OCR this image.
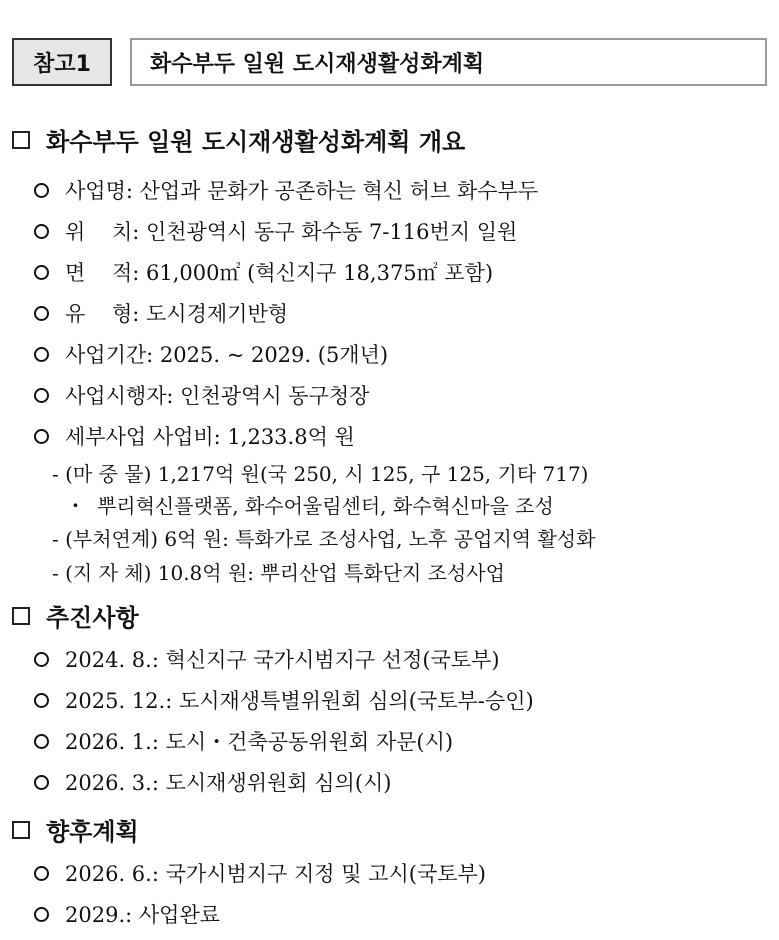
참고1	화수부두 일원 도시재생활성화계획
화수부두 일원 도시재생활성화계획 개요
사업명: 산업과 문화가 공존하는 혁신 허브 화수부두
위    치: 인천광역시 동구 화수동 7-116번지 일원
면    적: 61,000㎡ (혁신지구 18,375㎡ 포함)
유    형: 도시경제기반형
사업기간: 2025. ~ 2029. (5개년)
사업시행자: 인천광역시 동구청장
세부사업 사업비: 1,233.8억 원
- (마 중 물) 1,217억 원(국 250, 시 125, 구 125, 기타 717)
· 뿌리혁신플랫폼, 화수어울림센터, 화수혁신마을 조성
- (부처연계) 6억 원: 특화가로 조성사업, 노후 공업지역 활성화
- (지 자 체) 10.8억 원: 뿌리산업 특화단지 조성사업
추진사항
2024. 8.: 혁신지구 국가시범지구 선정(국토부)
2025. 12.: 도시재생특별위원회 심의(국토부-승인)
2026. 1.: 도시・건축공동위원회 자문(시)
2026. 3.: 도시재생위원회 심의(시)
향후계획
2026. 6.: 국가시범지구 지정 및 고시(국토부)
2029.: 사업완료
